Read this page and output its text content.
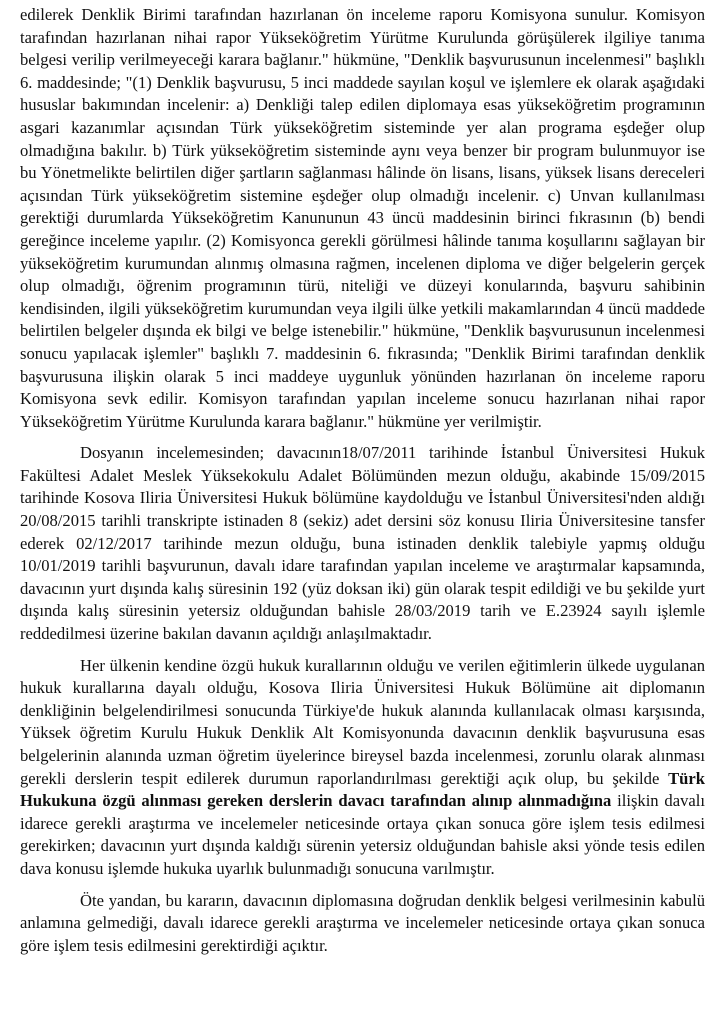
edilerek Denklik Birimi tarafından hazırlanan ön inceleme raporu Komisyona sunulur. Komisyon tarafından hazırlanan nihai rapor Yükseköğretim Yürütme Kurulunda görüşülerek ilgiliye tanıma belgesi verilip verilmeyeceği karara bağlanır." hükmüne, "Denklik başvurusunun incelenmesi" başlıklı 6. maddesinde; "(1) Denklik başvurusu, 5 inci maddede sayılan koşul ve işlemlere ek olarak aşağıdaki hususlar bakımından incelenir: a) Denkliği talep edilen diplomaya esas yükseköğretim programının asgari kazanımlar açısından Türk yükseköğretim sisteminde yer alan programa eşdeğer olup olmadığına bakılır. b) Türk yükseköğretim sisteminde aynı veya benzer bir program bulunmuyor ise bu Yönetmelikte belirtilen diğer şartların sağlanması hâlinde ön lisans, lisans, yüksek lisans dereceleri açısından Türk yükseköğretim sistemine eşdeğer olup olmadığı incelenir. c) Unvan kullanılması gerektiği durumlarda Yükseköğretim Kanununun 43 üncü maddesinin birinci fıkrasının (b) bendi gereğince inceleme yapılır. (2) Komisyonca gerekli görülmesi hâlinde tanıma koşullarını sağlayan bir yükseköğretim kurumundan alınmış olmasına rağmen, incelenen diploma ve diğer belgelerin gerçek olup olmadığı, öğrenim programının türü, niteliği ve düzeyi konularında, başvuru sahibinin kendisinden, ilgili yükseköğretim kurumundan veya ilgili ülke yetkili makamlarından 4 üncü maddede belirtilen belgeler dışında ek bilgi ve belge istenebilir." hükmüne, "Denklik başvurusunun incelenmesi sonucu yapılacak işlemler" başlıklı 7. maddesinin 6. fıkrasında; "Denklik Birimi tarafından denklik başvurusuna ilişkin olarak 5 inci maddeye uygunluk yönünden hazırlanan ön inceleme raporu Komisyona sevk edilir. Komisyon tarafından yapılan inceleme sonucu hazırlanan nihai rapor Yükseköğretim Yürütme Kurulunda karara bağlanır." hükmüne yer verilmiştir.

Dosyanın incelemesinden; davacının18/07/2011 tarihinde İstanbul Üniversitesi Hukuk Fakültesi Adalet Meslek Yüksekokulu Adalet Bölümünden mezun olduğu, akabinde 15/09/2015 tarihinde Kosova Iliria Üniversitesi Hukuk bölümüne kaydolduğu ve İstanbul Üniversitesi'nden aldığı 20/08/2015 tarihli transkripte istinaden 8 (sekiz) adet dersini söz konusu Iliria Üniversitesine tansfer ederek 02/12/2017 tarihinde mezun olduğu, buna istinaden denklik talebiyle yapmış olduğu 10/01/2019 tarihli başvurunun, davalı idare tarafından yapılan inceleme ve araştırmalar kapsamında, davacının yurt dışında kalış süresinin 192 (yüz doksan iki) gün olarak tespit edildiği ve bu şekilde yurt dışında kalış süresinin yetersiz olduğundan bahisle 28/03/2019 tarih ve E.23924 sayılı işlemle reddedilmesi üzerine bakılan davanın açıldığı anlaşılmaktadır.

Her ülkenin kendine özgü hukuk kurallarının olduğu ve verilen eğitimlerin ülkede uygulanan hukuk kurallarına dayalı olduğu, Kosova Iliria Üniversitesi Hukuk Bölümüne ait diplomanın denkliğinin belgelendirilmesi sonucunda Türkiye'de hukuk alanında kullanılacak olması karşısında, Yüksek öğretim Kurulu Hukuk Denklik Alt Komisyonunda davacının denklik başvurusuna esas belgelerinin alanında uzman öğretim üyelerince bireysel bazda incelenmesi, zorunlu olarak alınması gerekli derslerin tespit edilerek durumun raporlandırılması gerektiği açık olup, bu şekilde Türk Hukukuna özgü alınması gereken derslerin davacı tarafından alınıp alınmadığına ilişkin davalı idarece gerekli araştırma ve incelemeler neticesinde ortaya çıkan sonuca göre işlem tesis edilmesi gerekirken; davacının yurt dışında kaldığı sürenin yetersiz olduğundan bahisle aksi yönde tesis edilen dava konusu işlemde hukuka uyarlık bulunmadığı sonucuna varılmıştır.

Öte yandan, bu kararın, davacının diplomasına doğrudan denklik belgesi verilmesinin kabulü anlamına gelmediği, davalı idarece gerekli araştırma ve incelemeler neticesinde ortaya çıkan sonuca göre işlem tesis edilmesini gerektirdiği açıktır.
